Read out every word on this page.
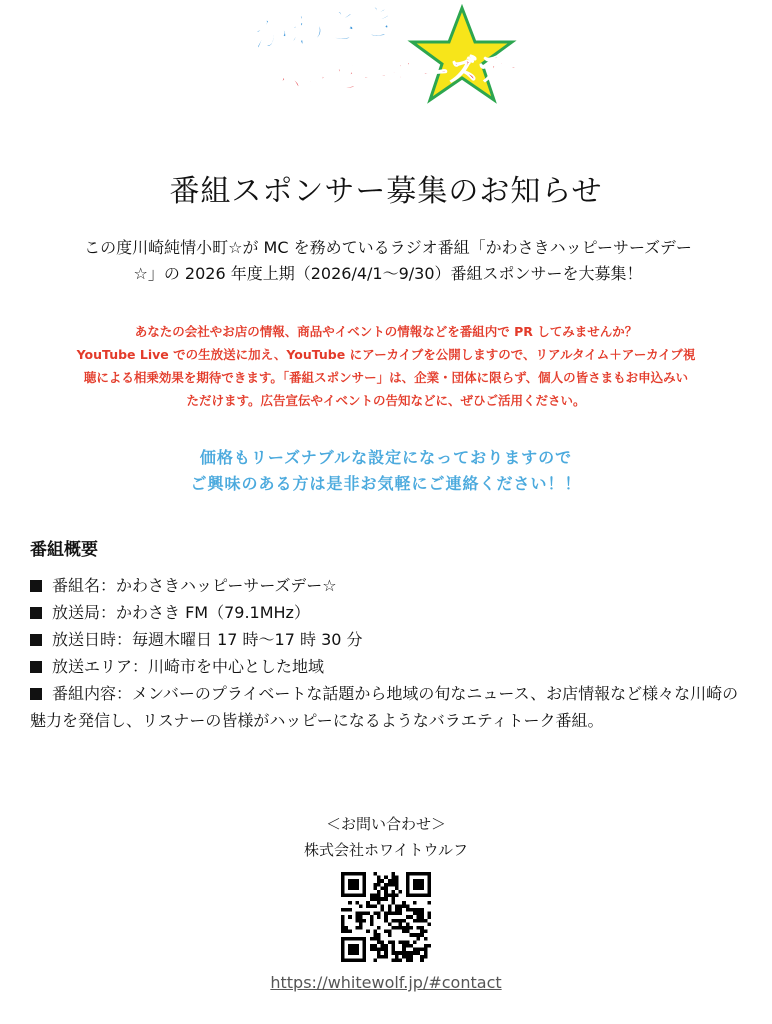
かわさき
ハッピーサーズデー
番組スポンサー募集のお知らせ
この度川崎純情小町☆が MC を務めているラジオ番組「かわさきハッピーサーズデー
☆」の 2026 年度上期（2026/4/1〜9/30）番組スポンサーを大募集！

あなたの会社やお店の情報、商品やイベントの情報などを番組内で PR してみませんか？

YouTube Live での生放送に加え、YouTube にアーカイブを公開しますので、リアルタイム＋アーカイブ視

聴による相乗効果を期待できます。「番組スポンサー」は、企業・団体に限らず、個人の皆さまもお申込みい

ただけます。広告宣伝やイベントの告知などに、ぜひご活用ください。

価格もリーズナブルな設定になっておりますので

ご興味のある方は是非お気軽にご連絡ください！！

番組概要

番組名：かわさきハッピーサーズデー☆

放送局：かわさき FM（79.1MHz）

放送日時：毎週木曜日 17 時〜17 時 30 分

放送エリア：川崎市を中心とした地域

番組内容：メンバーのプライベートな話題から地域の旬なニュース、お店情報など様々な川崎の魅力を発信し、リスナーの皆様がハッピーになるようなバラエティトーク番組。

＜お問い合わせ＞
株式会社ホワイトウルフ
https://whitewolf.jp/#contact
